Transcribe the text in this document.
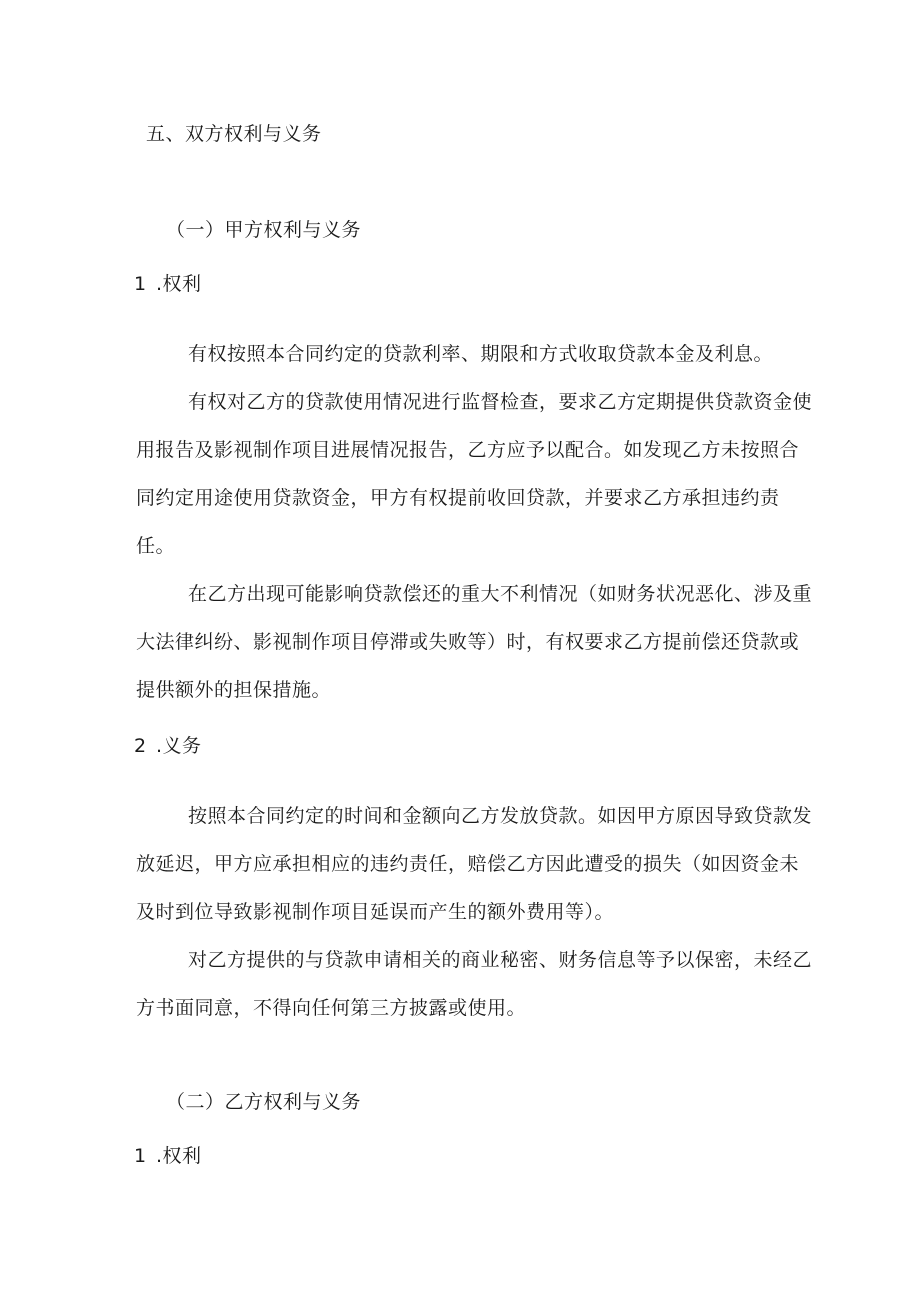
五、双方权利与义务
（一）甲方权利与义务
1 .权利
有权按照本合同约定的贷款利率、期限和方式收取贷款本金及利息。
有权对乙方的贷款使用情况进行监督检查，要求乙方定期提供贷款资金使
用报告及影视制作项目进展情况报告，乙方应予以配合。如发现乙方未按照合
同约定用途使用贷款资金，甲方有权提前收回贷款，并要求乙方承担违约责
任。
在乙方出现可能影响贷款偿还的重大不利情况（如财务状况恶化、涉及重
大法律纠纷、影视制作项目停滞或失败等）时，有权要求乙方提前偿还贷款或
提供额外的担保措施。
2 .义务
按照本合同约定的时间和金额向乙方发放贷款。如因甲方原因导致贷款发
放延迟，甲方应承担相应的违约责任，赔偿乙方因此遭受的损失（如因资金未
及时到位导致影视制作项目延误而产生的额外费用等）。
对乙方提供的与贷款申请相关的商业秘密、财务信息等予以保密，未经乙
方书面同意，不得向任何第三方披露或使用。
（二）乙方权利与义务
1 .权利
